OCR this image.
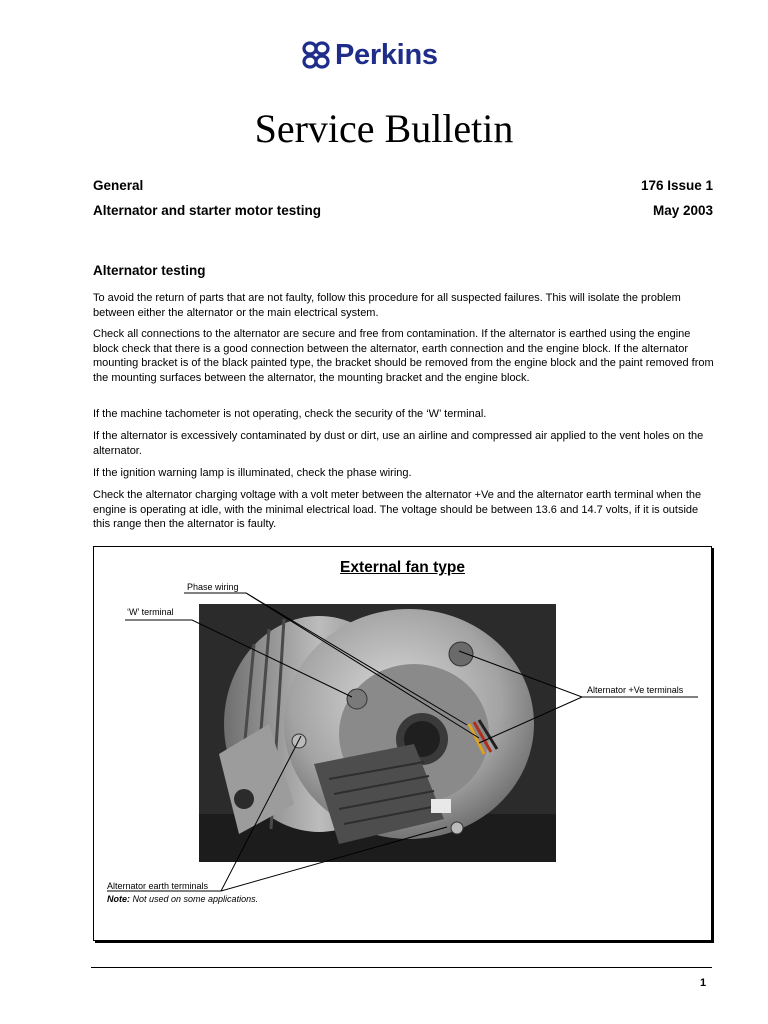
Perkins
Service Bulletin
General	176 Issue 1
Alternator and starter motor testing	May 2003
Alternator testing

To avoid the return of parts that are not faulty, follow this procedure for all suspected failures. This will isolate the problem between either the alternator or the main electrical system.

Check all connections to the alternator are secure and free from contamination. If the alternator is earthed using the engine block check that there is a good connection between the alternator, earth connection and the engine block. If the alternator mounting bracket is of the black painted type, the bracket should be removed from the engine block and the paint removed from the mounting surfaces between the alternator, the mounting bracket and the engine block.

If the machine tachometer is not operating, check the security of the ‘W’ terminal.

If the alternator is excessively contaminated by dust or dirt, use an airline and compressed air applied to the vent holes on the alternator.

If the ignition warning lamp is illuminated, check the phase wiring.

Check the alternator charging voltage with a volt meter between the alternator +Ve and the alternator earth terminal when the engine is operating at idle, with the minimal electrical load. The voltage should be between 13.6 and 14.7 volts, if it is outside this range then the alternator is faulty.

External fan type
Phase wiring
‘W’ terminal
Alternator +Ve terminals
Alternator earth terminals
Note: Not used on some applications.
1
